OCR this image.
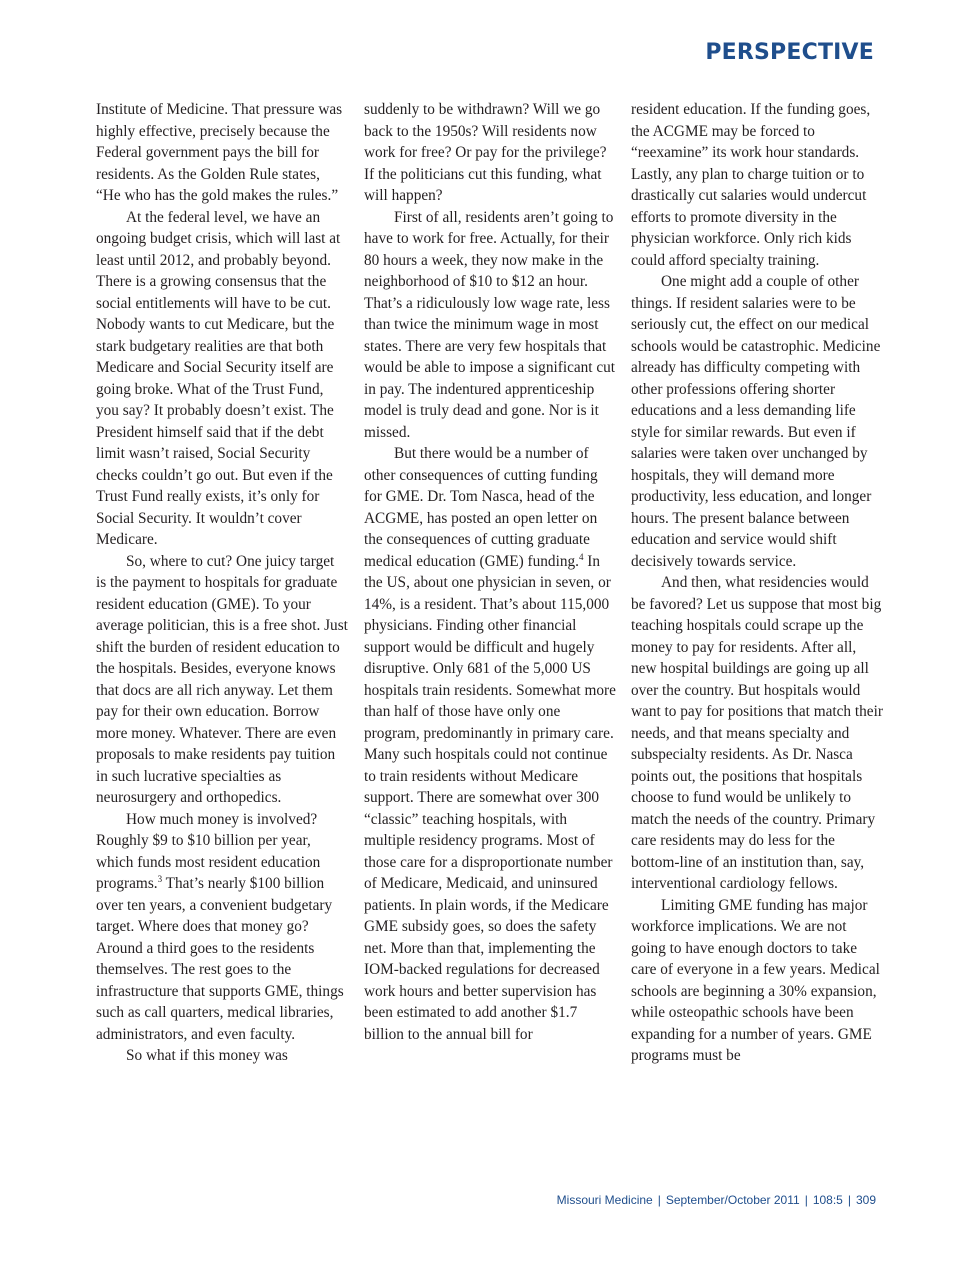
PERSPECTIVE

Institute of Medicine. That pressure was highly effective, precisely because the Federal government pays the bill for residents. As the Golden Rule states, “He who has the gold makes the rules.”

At the federal level, we have an ongoing budget crisis, which will last at least until 2012, and probably beyond. There is a growing consensus that the social entitlements will have to be cut. Nobody wants to cut Medicare, but the stark budgetary realities are that both Medicare and Social Security itself are going broke. What of the Trust Fund, you say? It probably doesn’t exist. The President himself said that if the debt limit wasn’t raised, Social Security checks couldn’t go out. But even if the Trust Fund really exists, it’s only for Social Security. It wouldn’t cover Medicare.

So, where to cut? One juicy target is the payment to hospitals for graduate resident education (GME). To your average politician, this is a free shot. Just shift the burden of resident education to the hospitals. Besides, everyone knows that docs are all rich anyway. Let them pay for their own education. Borrow more money. Whatever. There are even proposals to make residents pay tuition in such lucrative specialties as neurosurgery and orthopedics.

How much money is involved? Roughly $9 to $10 billion per year, which funds most resident education programs.$^3$ That’s nearly $100 billion over ten years, a convenient budgetary target. Where does that money go? Around a third goes to the residents themselves. The rest goes to the infrastructure that supports GME, things such as call quarters, medical libraries, administrators, and even faculty.

So what if this money was

suddenly to be withdrawn? Will we go back to the 1950s? Will residents now work for free? Or pay for the privilege? If the politicians cut this funding, what will happen?

First of all, residents aren’t going to have to work for free. Actually, for their 80 hours a week, they now make in the neighborhood of $10 to $12 an hour. That’s a ridiculously low wage rate, less than twice the minimum wage in most states. There are very few hospitals that would be able to impose a significant cut in pay. The indentured apprenticeship model is truly dead and gone. Nor is it missed.

But there would be a number of other consequences of cutting funding for GME. Dr. Tom Nasca, head of the ACGME, has posted an open letter on the consequences of cutting graduate medical education (GME) funding.$^4$ In the US, about one physician in seven, or 14%, is a resident. That’s about 115,000 physicians. Finding other financial support would be difficult and hugely disruptive. Only 681 of the 5,000 US hospitals train residents. Somewhat more than half of those have only one program, predominantly in primary care. Many such hospitals could not continue to train residents without Medicare support. There are somewhat over 300 “classic” teaching hospitals, with multiple residency programs. Most of those care for a disproportionate number of Medicare, Medicaid, and uninsured patients. In plain words, if the Medicare GME subsidy goes, so does the safety net. More than that, implementing the IOM-backed regulations for decreased work hours and better supervision has been estimated to add another $1.7 billion to the annual bill for

resident education. If the funding goes, the ACGME may be forced to “reexamine” its work hour standards. Lastly, any plan to charge tuition or to drastically cut salaries would undercut efforts to promote diversity in the physician workforce. Only rich kids could afford specialty training.

One might add a couple of other things. If resident salaries were to be seriously cut, the effect on our medical schools would be catastrophic. Medicine already has difficulty competing with other professions offering shorter educations and a less demanding life style for similar rewards. But even if salaries were taken over unchanged by hospitals, they will demand more productivity, less education, and longer hours. The present balance between education and service would shift decisively towards service.

And then, what residencies would be favored? Let us suppose that most big teaching hospitals could scrape up the money to pay for residents. After all, new hospital buildings are going up all over the country. But hospitals would want to pay for positions that match their needs, and that means specialty and subspecialty residents. As Dr. Nasca points out, the positions that hospitals choose to fund would be unlikely to match the needs of the country. Primary care residents may do less for the bottom-line of an institution than, say, interventional cardiology fellows.

Limiting GME funding has major workforce implications. We are not going to have enough doctors to take care of everyone in a few years. Medical schools are beginning a 30% expansion, while osteopathic schools have been expanding for a number of years. GME programs must be

Missouri Medicine | September/October 2011 | 108:5 | 309
